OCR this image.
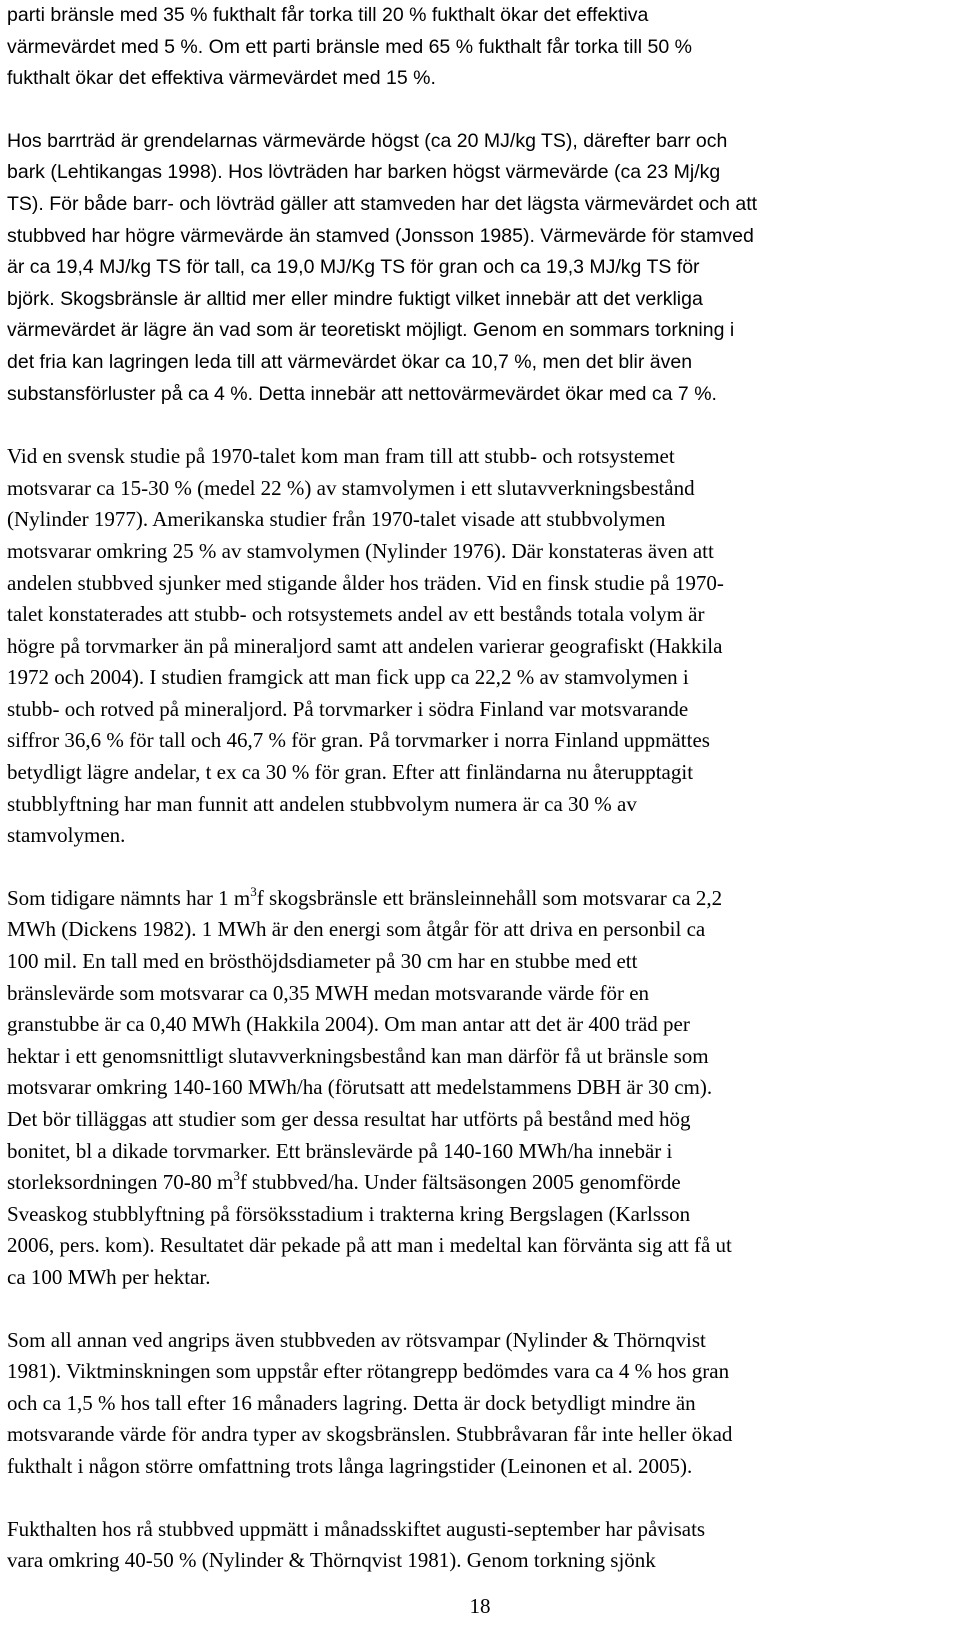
parti bränsle med 35 % fukthalt får torka till 20 % fukthalt ökar det effektiva
värmevärdet med 5 %. Om ett parti bränsle med 65 % fukthalt får torka till 50 %
fukthalt ökar det effektiva värmevärdet med 15 %.

Hos barrträd är grendelarnas värmevärde högst (ca 20 MJ/kg TS), därefter barr och
bark (Lehtikangas 1998). Hos lövträden har barken högst värmevärde (ca 23 Mj/kg
TS). För både barr- och lövträd gäller att stamveden har det lägsta värmevärdet och att
stubbved har högre värmevärde än stamved (Jonsson 1985). Värmevärde för stamved
är ca 19,4 MJ/kg TS för tall, ca 19,0 MJ/Kg TS för gran och ca 19,3 MJ/kg TS för
björk. Skogsbränsle är alltid mer eller mindre fuktigt vilket innebär att det verkliga
värmevärdet är lägre än vad som är teoretiskt möjligt. Genom en sommars torkning i
det fria kan lagringen leda till att värmevärdet ökar ca 10,7 %, men det blir även
substansförluster på ca 4 %. Detta innebär att nettovärmevärdet ökar med ca 7 %.

Vid en svensk studie på 1970-talet kom man fram till att stubb- och rotsystemet
motsvarar ca 15-30 % (medel 22 %) av stamvolymen i ett slutavverkningsbestånd
(Nylinder 1977). Amerikanska studier från 1970-talet visade att stubbvolymen
motsvarar omkring 25 % av stamvolymen (Nylinder 1976). Där konstateras även att
andelen stubbved sjunker med stigande ålder hos träden. Vid en finsk studie på 1970-
talet konstaterades att stubb- och rotsystemets andel av ett bestånds totala volym är
högre på torvmarker än på mineraljord samt att andelen varierar geografiskt (Hakkila
1972 och 2004). I studien framgick att man fick upp ca 22,2 % av stamvolymen i
stubb- och rotved på mineraljord. På torvmarker i södra Finland var motsvarande
siffror 36,6 % för tall och 46,7 % för gran. På torvmarker i norra Finland uppmättes
betydligt lägre andelar, t ex ca 30 % för gran. Efter att finländarna nu återupptagit
stubblyftning har man funnit att andelen stubbvolym numera är ca 30 % av
stamvolymen.

Som tidigare nämnts har 1 $m^3f$ skogsbränsle ett bränsleinnehåll som motsvarar ca 2,2
MWh (Dickens 1982). 1 MWh är den energi som åtgår för att driva en personbil ca
100 mil. En tall med en brösthöjdsdiameter på 30 cm har en stubbe med ett
bränslevärde som motsvarar ca 0,35 MWH medan motsvarande värde för en
granstubbe är ca 0,40 MWh (Hakkila 2004). Om man antar att det är 400 träd per
hektar i ett genomsnittligt slutavverkningsbestånd kan man därför få ut bränsle som
motsvarar omkring 140-160 MWh/ha (förutsatt att medelstammens DBH är 30 cm).
Det bör tilläggas att studier som ger dessa resultat har utförts på bestånd med hög
bonitet, bl a dikade torvmarker. Ett bränslevärde på 140-160 MWh/ha innebär i
storleksordningen 70-80 $m^3f$ stubbved/ha. Under fältsäsongen 2005 genomförde
Sveaskog stubblyftning på försöksstadium i trakterna kring Bergslagen (Karlsson
2006, pers. kom). Resultatet där pekade på att man i medeltal kan förvänta sig att få ut
ca 100 MWh per hektar.

Som all annan ved angrips även stubbveden av rötsvampar (Nylinder & Thörnqvist
1981). Viktminskningen som uppstår efter rötangrepp bedömdes vara ca 4 % hos gran
och ca 1,5 % hos tall efter 16 månaders lagring. Detta är dock betydligt mindre än
motsvarande värde för andra typer av skogsbränslen. Stubbråvaran får inte heller ökad
fukthalt i någon större omfattning trots långa lagringstider (Leinonen et al. 2005).

Fukthalten hos rå stubbved uppmätt i månadsskiftet augusti-september har påvisats
vara omkring 40-50 % (Nylinder & Thörnqvist 1981). Genom torkning sjönk

18
